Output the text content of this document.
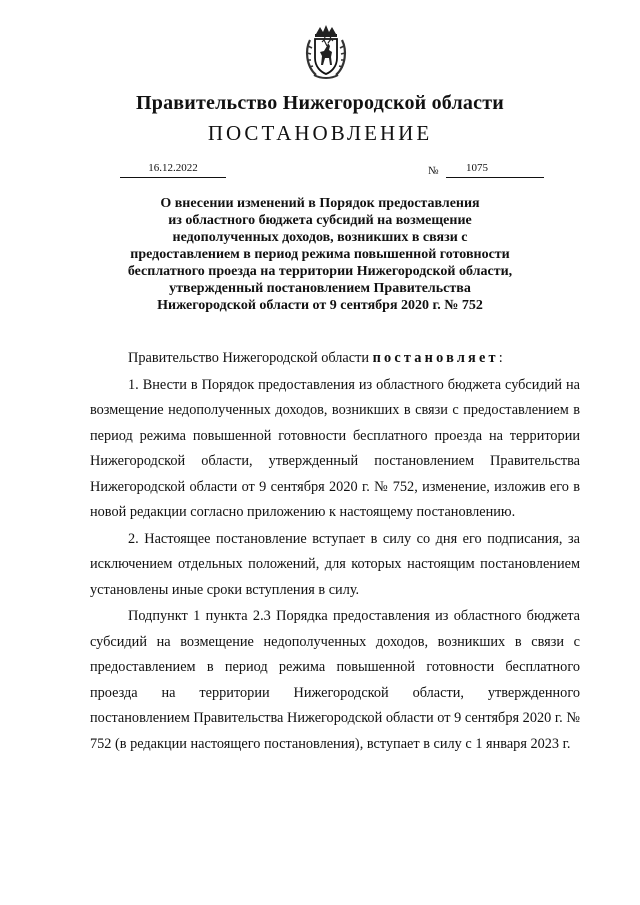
Правительство Нижегородской области
ПОСТАНОВЛЕНИЕ
16.12.2022	№	1075
О внесении изменений в Порядок предоставления
из областного бюджета субсидий на возмещение
недополученных доходов, возникших в связи с
предоставлением в период режима повышенной готовности
бесплатного проезда на территории Нижегородской области,
утвержденный постановлением Правительства
Нижегородской области от 9 сентября 2020 г. № 752

Правительство Нижегородской области постановляет:

1. Внести в Порядок предоставления из областного бюджета субсидий на возмещение недополученных доходов, возникших в связи с предоставлением в период режима повышенной готовности бесплатного проезда на территории Нижегородской области, утвержденный постановлением Правительства Нижегородской области от 9 сентября 2020 г. № 752, изменение, изложив его в новой редакции согласно приложению к настоящему постановлению.

2. Настоящее постановление вступает в силу со дня его подписания, за исключением отдельных положений, для которых настоящим постановлением установлены иные сроки вступления в силу.

Подпункт 1 пункта 2.3 Порядка предоставления из областного бюджета субсидий на возмещение недополученных доходов, возникших в связи с предоставлением в период режима повышенной готовности бесплатного проезда на территории Нижегородской области, утвержденного постановлением Правительства Нижегородской области от 9 сентября 2020 г. № 752 (в редакции настоящего постановления), вступает в силу с 1 января 2023 г.
